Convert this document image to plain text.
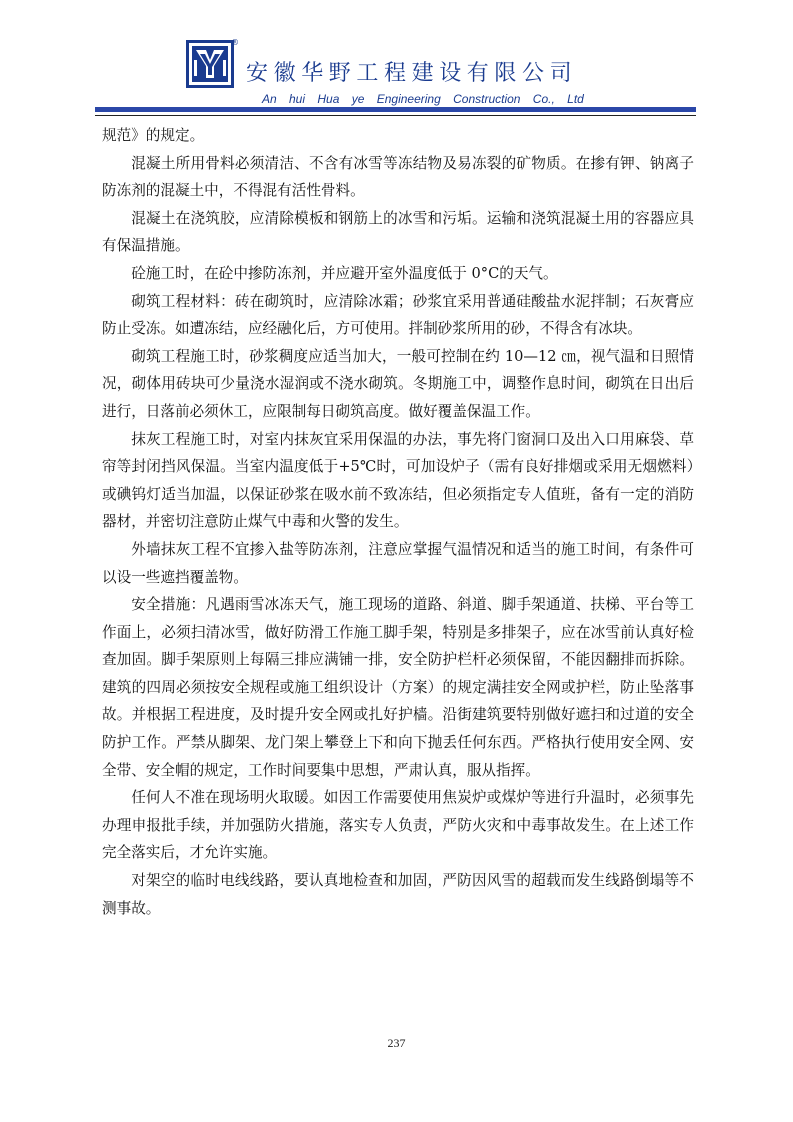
®
安徽华野工程建设有限公司
An hui Hua ye Engineering Construction Co., Ltd

规范》的规定。

混凝土所用骨料必须清洁、不含有冰雪等冻结物及易冻裂的矿物质。在掺有钾、钠离子防冻剂的混凝土中，不得混有活性骨料。

混凝土在浇筑胶，应清除模板和钢筋上的冰雪和污垢。运输和浇筑混凝土用的容器应具有保温措施。

砼施工时，在砼中掺防冻剂，并应避开室外温度低于 0°C的天气。

砌筑工程材料：砖在砌筑时，应清除冰霜；砂浆宜采用普通硅酸盐水泥拌制；石灰膏应防止受冻。如遭冻结，应经融化后，方可使用。拌制砂浆所用的砂，不得含有冰块。

砌筑工程施工时，砂浆稠度应适当加大，一般可控制在约 10—12 ㎝，视气温和日照情况，砌体用砖块可少量浇水湿润或不浇水砌筑。冬期施工中，调整作息时间，砌筑在日出后进行，日落前必须休工，应限制每日砌筑高度。做好覆盖保温工作。

抹灰工程施工时，对室内抹灰宜采用保温的办法，事先将门窗洞口及出入口用麻袋、草帘等封闭挡风保温。当室内温度低于+5℃时，可加设炉子（需有良好排烟或采用无烟燃料）或碘钨灯适当加温，以保证砂浆在吸水前不致冻结，但必须指定专人值班，备有一定的消防器材，并密切注意防止煤气中毒和火警的发生。

外墙抹灰工程不宜掺入盐等防冻剂，注意应掌握气温情况和适当的施工时间，有条件可以设一些遮挡覆盖物。

安全措施：凡遇雨雪冰冻天气，施工现场的道路、斜道、脚手架通道、扶梯、平台等工作面上，必须扫清冰雪，做好防滑工作施工脚手架，特别是多排架子，应在冰雪前认真好检查加固。脚手架原则上每隔三排应满铺一排，安全防护栏杆必须保留，不能因翻排而拆除。建筑的四周必须按安全规程或施工组织设计（方案）的规定满挂安全网或护栏，防止坠落事故。并根据工程进度，及时提升安全网或扎好护樯。沿街建筑要特别做好遮扫和过道的安全防护工作。严禁从脚架、龙门架上攀登上下和向下抛丢任何东西。严格执行使用安全网、安全带、安全帽的规定，工作时间要集中思想，严肃认真，服从指挥。

任何人不准在现场明火取暖。如因工作需要使用焦炭炉或煤炉等进行升温时，必须事先办理申报批手续，并加强防火措施，落实专人负责，严防火灾和中毒事故发生。在上述工作完全落实后，才允许实施。

对架空的临时电线线路，要认真地检查和加固，严防因风雪的超载而发生线路倒塌等不测事故。

237
